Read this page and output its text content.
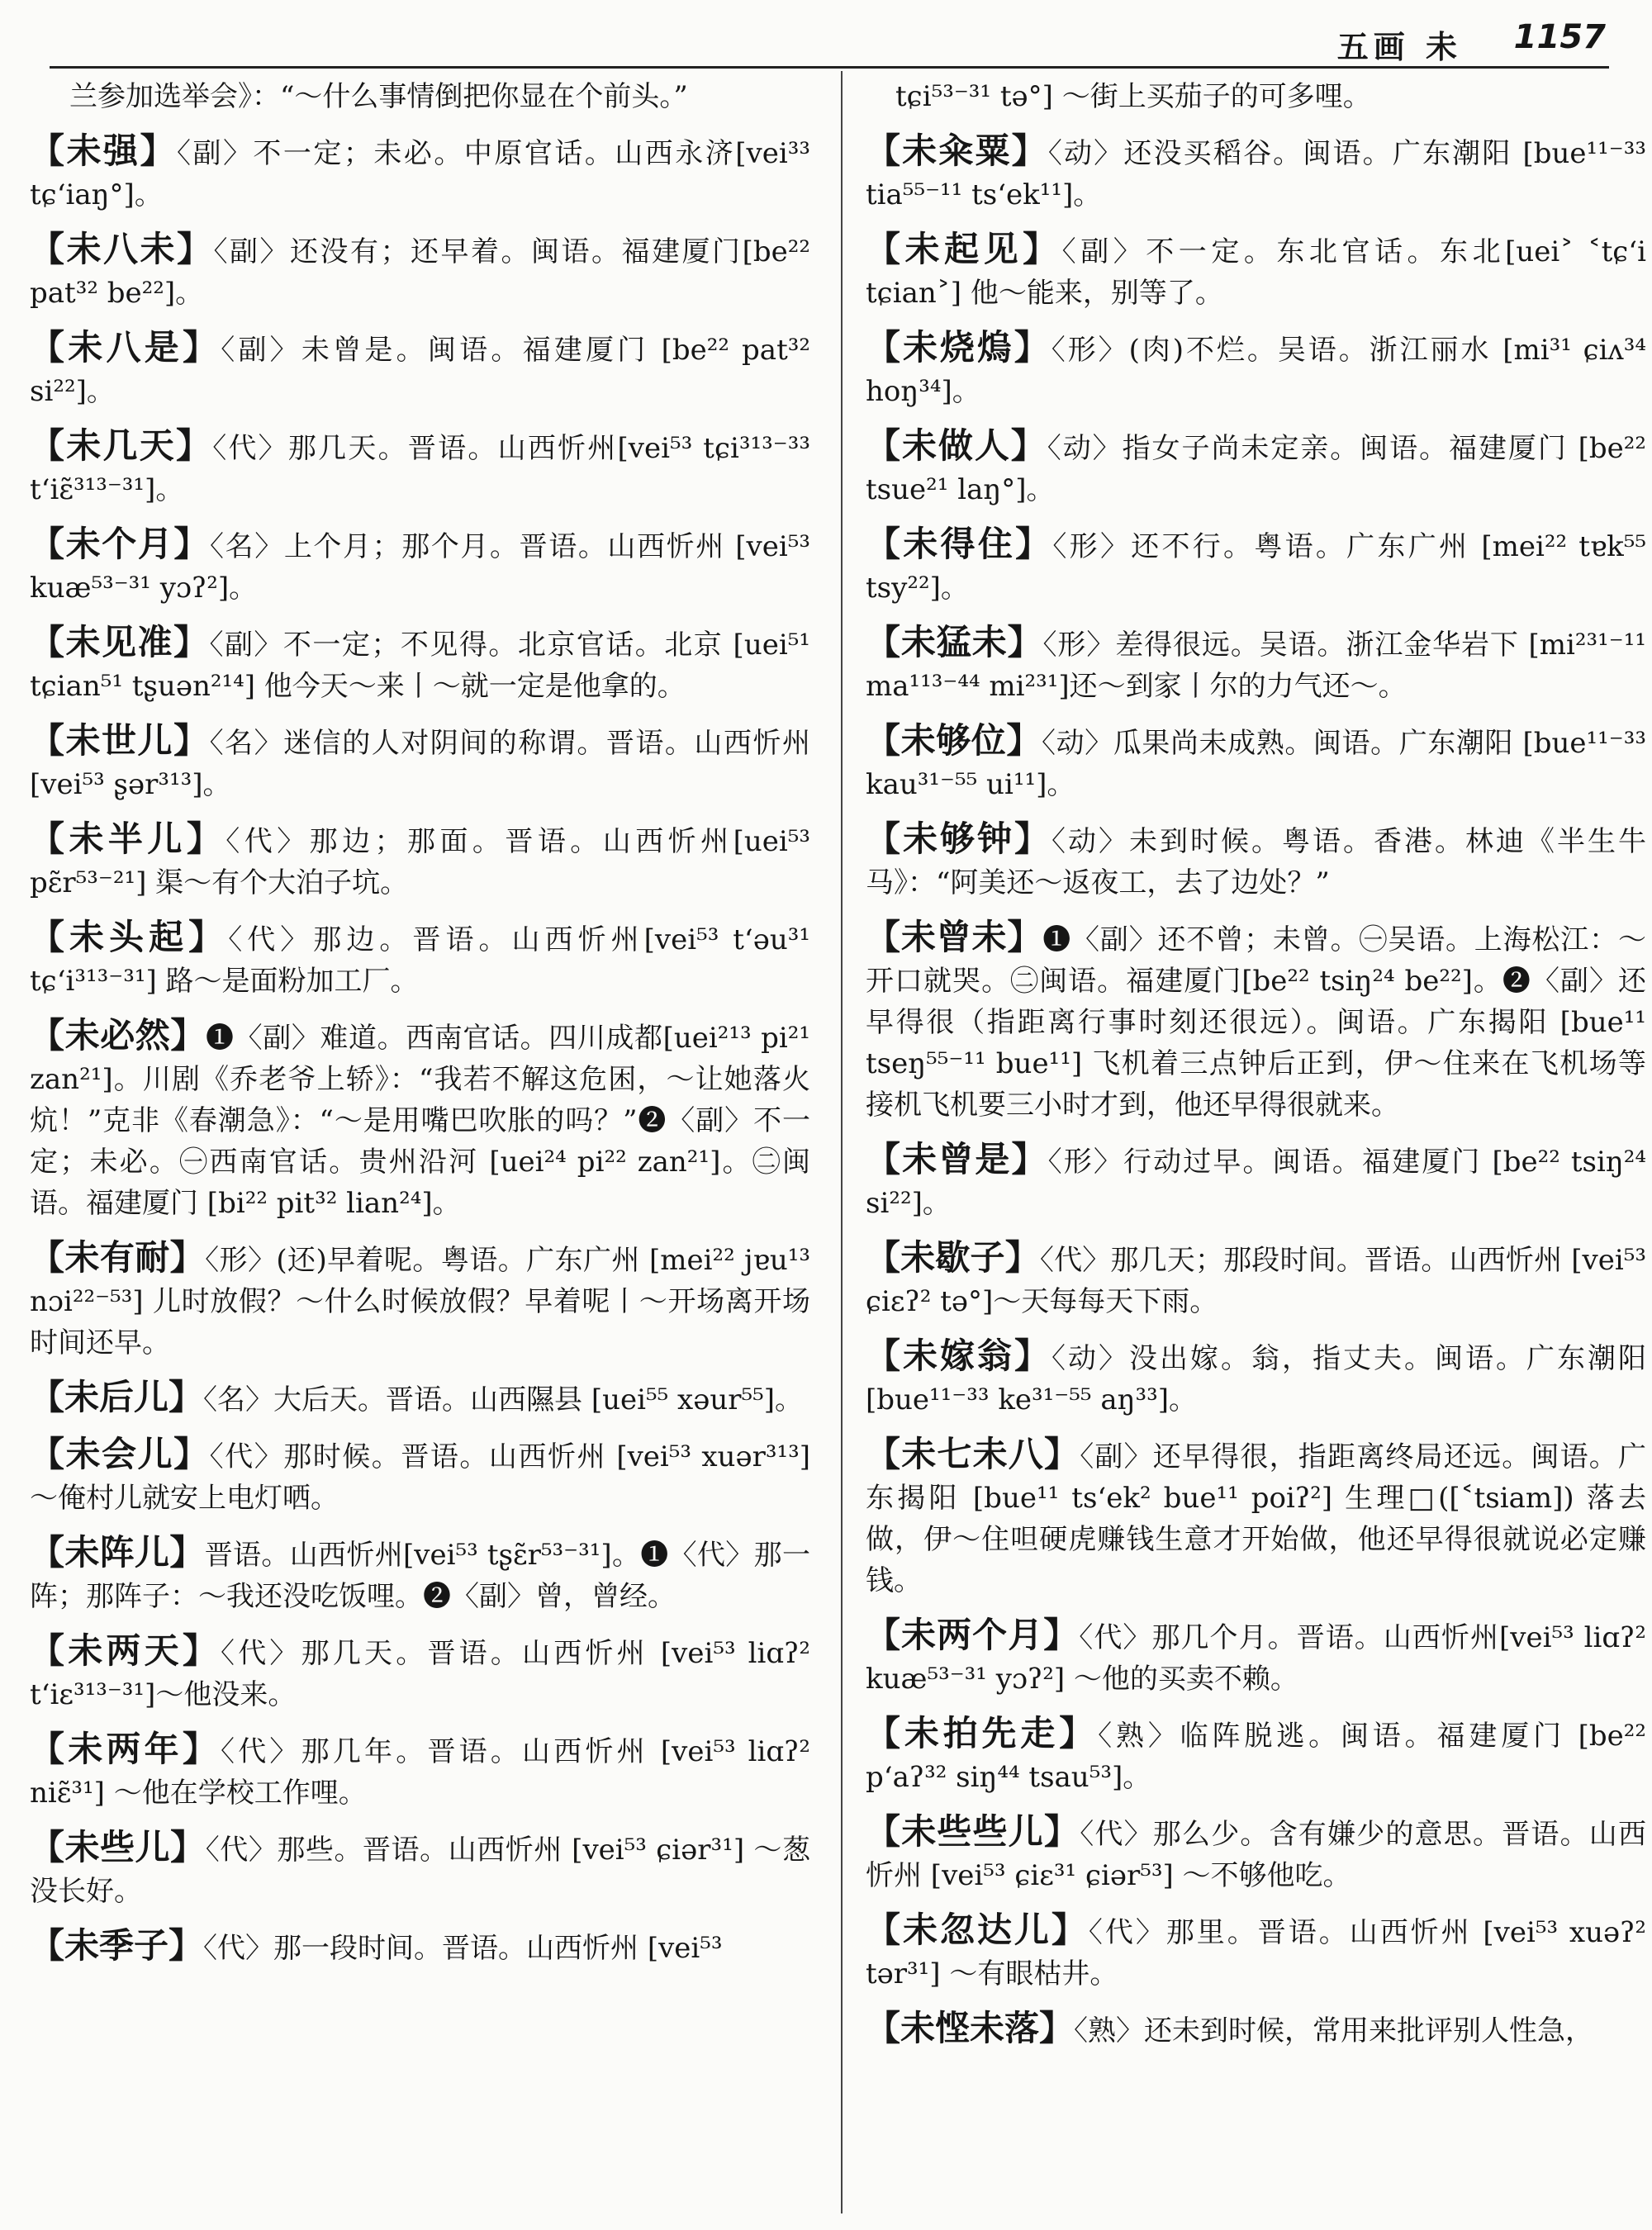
五画 未 1157
兰参加选举会》：“～什么事情倒把你显在个前头。”
【未强】〈副〉不一定；未必。中原官话。山西永济[vei³³ tɕʻiaŋ°]。
【未八未】〈副〉还没有；还早着。闽语。福建厦门[be²² pat³² be²²]。
【未八是】〈副〉未曾是。闽语。福建厦门 [be²² pat³² si²²]。
【未几天】〈代〉那几天。晋语。山西忻州[vei⁵³ tɕi³¹³⁻³³ tʻiɛ̃³¹³⁻³¹]。
【未个月】〈名〉上个月；那个月。晋语。山西忻州 [vei⁵³ kuæ⁵³⁻³¹ yɔʔ²]。
【未见准】〈副〉不一定；不见得。北京官话。北京 [uei⁵¹ tɕian⁵¹ tʂuən²¹⁴] 他今天～来丨～就一定是他拿的。
【未世儿】〈名〉迷信的人对阴间的称谓。晋语。山西忻州 [vei⁵³ ʂər³¹³]。
【未半儿】〈代〉那边；那面。晋语。山西忻州[uei⁵³ pɛ̃r⁵³⁻²¹] 渠～有个大泊子坑。
【未头起】〈代〉那边。晋语。山西忻州[vei⁵³ tʻəu³¹ tɕʻi³¹³⁻³¹] 路～是面粉加工厂。
【未必然】❶〈副〉难道。西南官话。四川成都[uei²¹³ pi²¹ zan²¹]。川剧《乔老爷上轿》：“我若不解这危困，～让她落火炕！”克非《春潮急》：“～是用嘴巴吹胀的吗？”❷〈副〉不一定；未必。㊀西南官话。贵州沿河 [uei²⁴ pi²² zan²¹]。㊁闽语。福建厦门 [bi²² pit³² lian²⁴]。
【未有耐】〈形〉(还)早着呢。粤语。广东广州 [mei²² jɐu¹³ nɔi²²⁻⁵³] 儿时放假？～什么时候放假？早着呢丨～开场离开场时间还早。
【未后儿】〈名〉大后天。晋语。山西隰县 [uei⁵⁵ xəur⁵⁵]。
【未会儿】〈代〉那时候。晋语。山西忻州 [vei⁵³ xuər³¹³]～俺村儿就安上电灯哂。
【未阵儿】晋语。山西忻州[vei⁵³ tʂɛ̃r⁵³⁻³¹]。❶〈代〉那一阵；那阵子：～我还没吃饭哩。❷〈副〉曾，曾经。
【未两天】〈代〉那几天。晋语。山西忻州 [vei⁵³ liɑʔ² tʻiɛ³¹³⁻³¹]～他没来。
【未两年】〈代〉那几年。晋语。山西忻州 [vei⁵³ liɑʔ² niɛ̃³¹] ～他在学校工作哩。
【未些儿】〈代〉那些。晋语。山西忻州 [vei⁵³ ɕiər³¹] ～葱没长好。
【未季子】〈代〉那一段时间。晋语。山西忻州 [vei⁵³
tɕi⁵³⁻³¹ tə°] ～街上买茄子的可多哩。
【未籴粟】〈动〉还没买稻谷。闽语。广东潮阳 [bue¹¹⁻³³ tia⁵⁵⁻¹¹ tsʻek¹¹]。
【未起见】〈副〉不一定。东北官话。东北[uei˃ ˂tɕʻi tɕian˃] 他～能来，别等了。
【未烧熓】〈形〉(肉)不烂。吴语。浙江丽水 [mi³¹ ɕiʌ³⁴ hoŋ³⁴]。
【未做人】〈动〉指女子尚未定亲。闽语。福建厦门 [be²² tsue²¹ laŋ°]。
【未得住】〈形〉还不行。粤语。广东广州 [mei²² tɐk⁵⁵ tsy²²]。
【未猛未】〈形〉差得很远。吴语。浙江金华岩下 [mi²³¹⁻¹¹ ma¹¹³⁻⁴⁴ mi²³¹]还～到家丨尔的力气还～。
【未够位】〈动〉瓜果尚未成熟。闽语。广东潮阳 [bue¹¹⁻³³ kau³¹⁻⁵⁵ ui¹¹]。
【未够钟】〈动〉未到时候。粤语。香港。林迪《半生牛马》：“阿美还～返夜工，去了边处？”
【未曾未】❶〈副〉还不曾；未曾。㊀吴语。上海松江：～开口就哭。㊁闽语。福建厦门[be²² tsiŋ²⁴ be²²]。❷〈副〉还早得很（指距离行事时刻还很远）。闽语。广东揭阳 [bue¹¹ tseŋ⁵⁵⁻¹¹ bue¹¹] 飞机着三点钟后正到，伊～住来在飞机场等接机飞机要三小时才到，他还早得很就来。
【未曾是】〈形〉行动过早。闽语。福建厦门 [be²² tsiŋ²⁴ si²²]。
【未歇子】〈代〉那几天；那段时间。晋语。山西忻州 [vei⁵³ ɕiɛʔ² tə°]～天每每天下雨。
【未嫁翁】〈动〉没出嫁。翁，指丈夫。闽语。广东潮阳 [bue¹¹⁻³³ ke³¹⁻⁵⁵ aŋ³³]。
【未七未八】〈副〉还早得很，指距离终局还远。闽语。广东揭阳 [bue¹¹ tsʻek² bue¹¹ poiʔ²] 生理□([˂tsiam]) 落去做，伊～住呾硬虎赚钱生意才开始做，他还早得很就说必定赚钱。
【未两个月】〈代〉那几个月。晋语。山西忻州[vei⁵³ liɑʔ² kuæ⁵³⁻³¹ yɔʔ²] ～他的买卖不赖。
【未拍先走】〈熟〉临阵脱逃。闽语。福建厦门 [be²² pʻaʔ³² siŋ⁴⁴ tsau⁵³]。
【未些些儿】〈代〉那么少。含有嫌少的意思。晋语。山西忻州 [vei⁵³ ɕiɛ³¹ ɕiər⁵³] ～不够他吃。
【未忽达儿】〈代〉那里。晋语。山西忻州 [vei⁵³ xuəʔ² tər³¹] ～有眼枯井。
【未悭未落】〈熟〉还未到时候，常用来批评别人性急，
